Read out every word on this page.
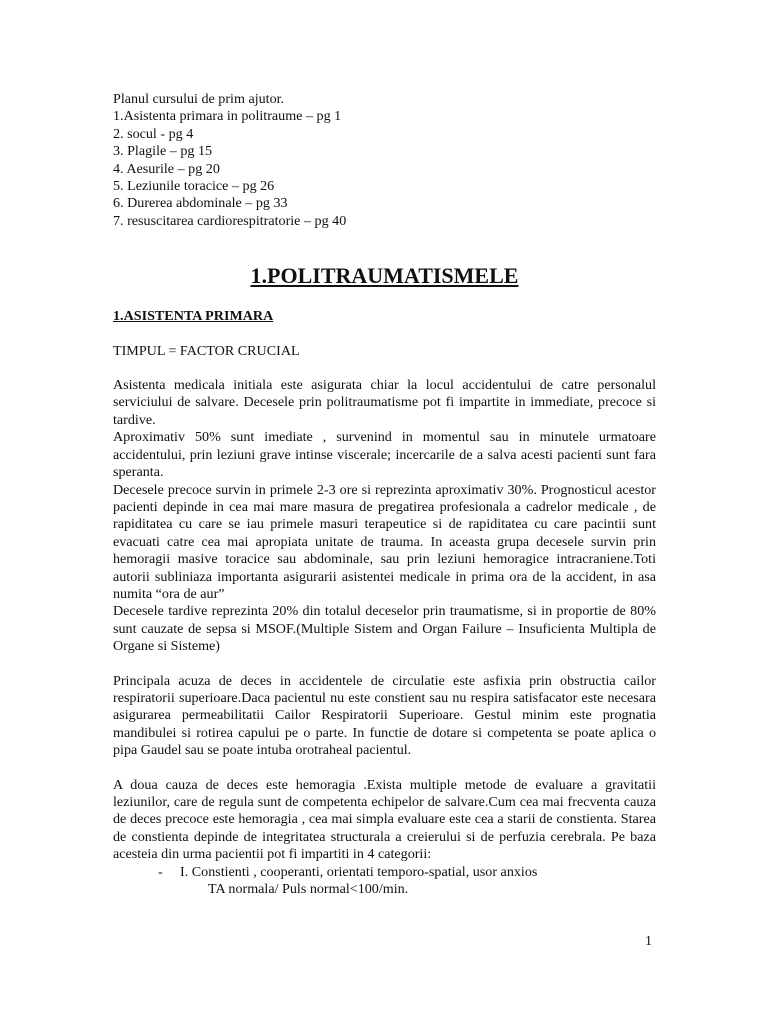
Planul cursului de prim ajutor.
1.Asistenta primara in politraume – pg 1
2. socul - pg 4
3. Plagile – pg 15
4. Aesurile – pg 20
5. Leziunile toracice – pg 26
6. Durerea abdominale – pg 33
7. resuscitarea cardiorespitratorie – pg 40
1.POLITRAUMATISMELE
1.ASISTENTA PRIMARA
TIMPUL = FACTOR CRUCIAL
Asistenta medicala initiala este asigurata chiar la locul accidentului de catre personalul serviciului de salvare. Decesele prin politraumatisme pot fi impartite in immediate, precoce si tardive.
Aproximativ 50% sunt imediate , survenind in momentul sau in minutele urmatoare accidentului, prin leziuni grave intinse viscerale; incercarile de a salva acesti pacienti sunt fara speranta.
Decesele precoce survin in primele 2-3 ore si reprezinta aproximativ 30%. Prognosticul acestor pacienti depinde in cea mai mare masura de pregatirea profesionala a cadrelor medicale , de rapiditatea cu care se iau primele masuri terapeutice si de rapiditatea cu care pacintii sunt evacuati catre cea mai apropiata unitate de trauma. In aceasta grupa decesele survin prin hemoragii masive toracice sau abdominale, sau prin leziuni hemoragice intracraniene.Toti autorii subliniaza importanta asigurarii asistentei medicale in prima ora de la accident, in asa numita “ora de aur”
Decesele tardive reprezinta 20% din totalul deceselor prin traumatisme, si in proportie de 80% sunt cauzate de sepsa si MSOF.(Multiple Sistem and Organ Failure – Insuficienta Multipla de Organe si Sisteme)
Principala acuza de deces in accidentele de circulatie este asfixia prin obstructia cailor respiratorii superioare.Daca pacientul nu este constient sau nu respira satisfacator este necesara asigurarea permeabilitatii Cailor Respiratorii Superioare. Gestul minim este prognatia mandibulei si rotirea capului pe o parte. In functie de dotare si competenta se poate aplica o pipa Gaudel sau se poate intuba orotraheal pacientul.
A doua cauza de deces este hemoragia .Exista multiple metode de evaluare a gravitatii leziunilor, care de regula sunt de competenta echipelor de salvare.Cum cea mai frecventa cauza de deces precoce este hemoragia , cea mai simpla evaluare este cea a starii de constienta. Starea de constienta depinde de integritatea structurala a creierului si de perfuzia cerebrala. Pe baza acesteia din urma pacientii pot fi impartiti in 4 categorii:
- I. Constienti , cooperanti, orientati temporo-spatial, usor anxios
TA normala/ Puls normal<100/min.
1
